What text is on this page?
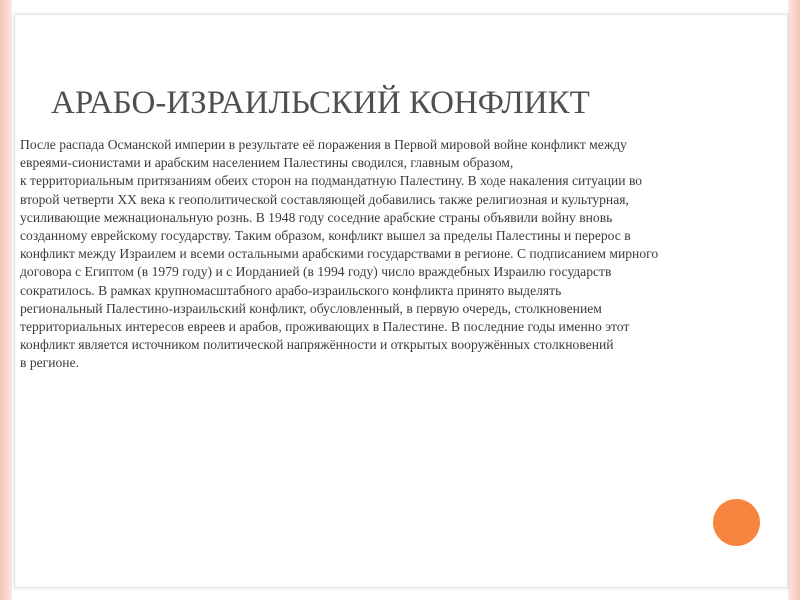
АРАБО-ИЗРАИЛЬСКИЙ КОНФЛИКТ
После распада Османской империи в результате её поражения в Первой мировой войне конфликт между
евреями-сионистами и арабским населением Палестины сводился, главным образом,
к территориальным притязаниям обеих сторон на подмандатную Палестину. В ходе накаления ситуации во
второй четверти XX века к геополитической составляющей добавились также религиозная и культурная,
усиливающие межнациональную рознь. В 1948 году соседние арабские страны объявили войну вновь
созданному еврейскому государству. Таким образом, конфликт вышел за пределы Палестины и перерос в
конфликт между Израилем и всеми остальными арабскими государствами в регионе. С подписанием мирного
договора с Египтом (в 1979 году) и с Иорданией (в 1994 году) число враждебных Израилю государств
сократилось. В рамках крупномасштабного арабо-израильского конфликта принято выделять
региональный Палестино-израильский конфликт, обусловленный, в первую очередь, столкновением
территориальных интересов евреев и арабов, проживающих в Палестине. В последние годы именно этот
конфликт является источником политической напряжённости и открытых вооружённых столкновений
в регионе.
